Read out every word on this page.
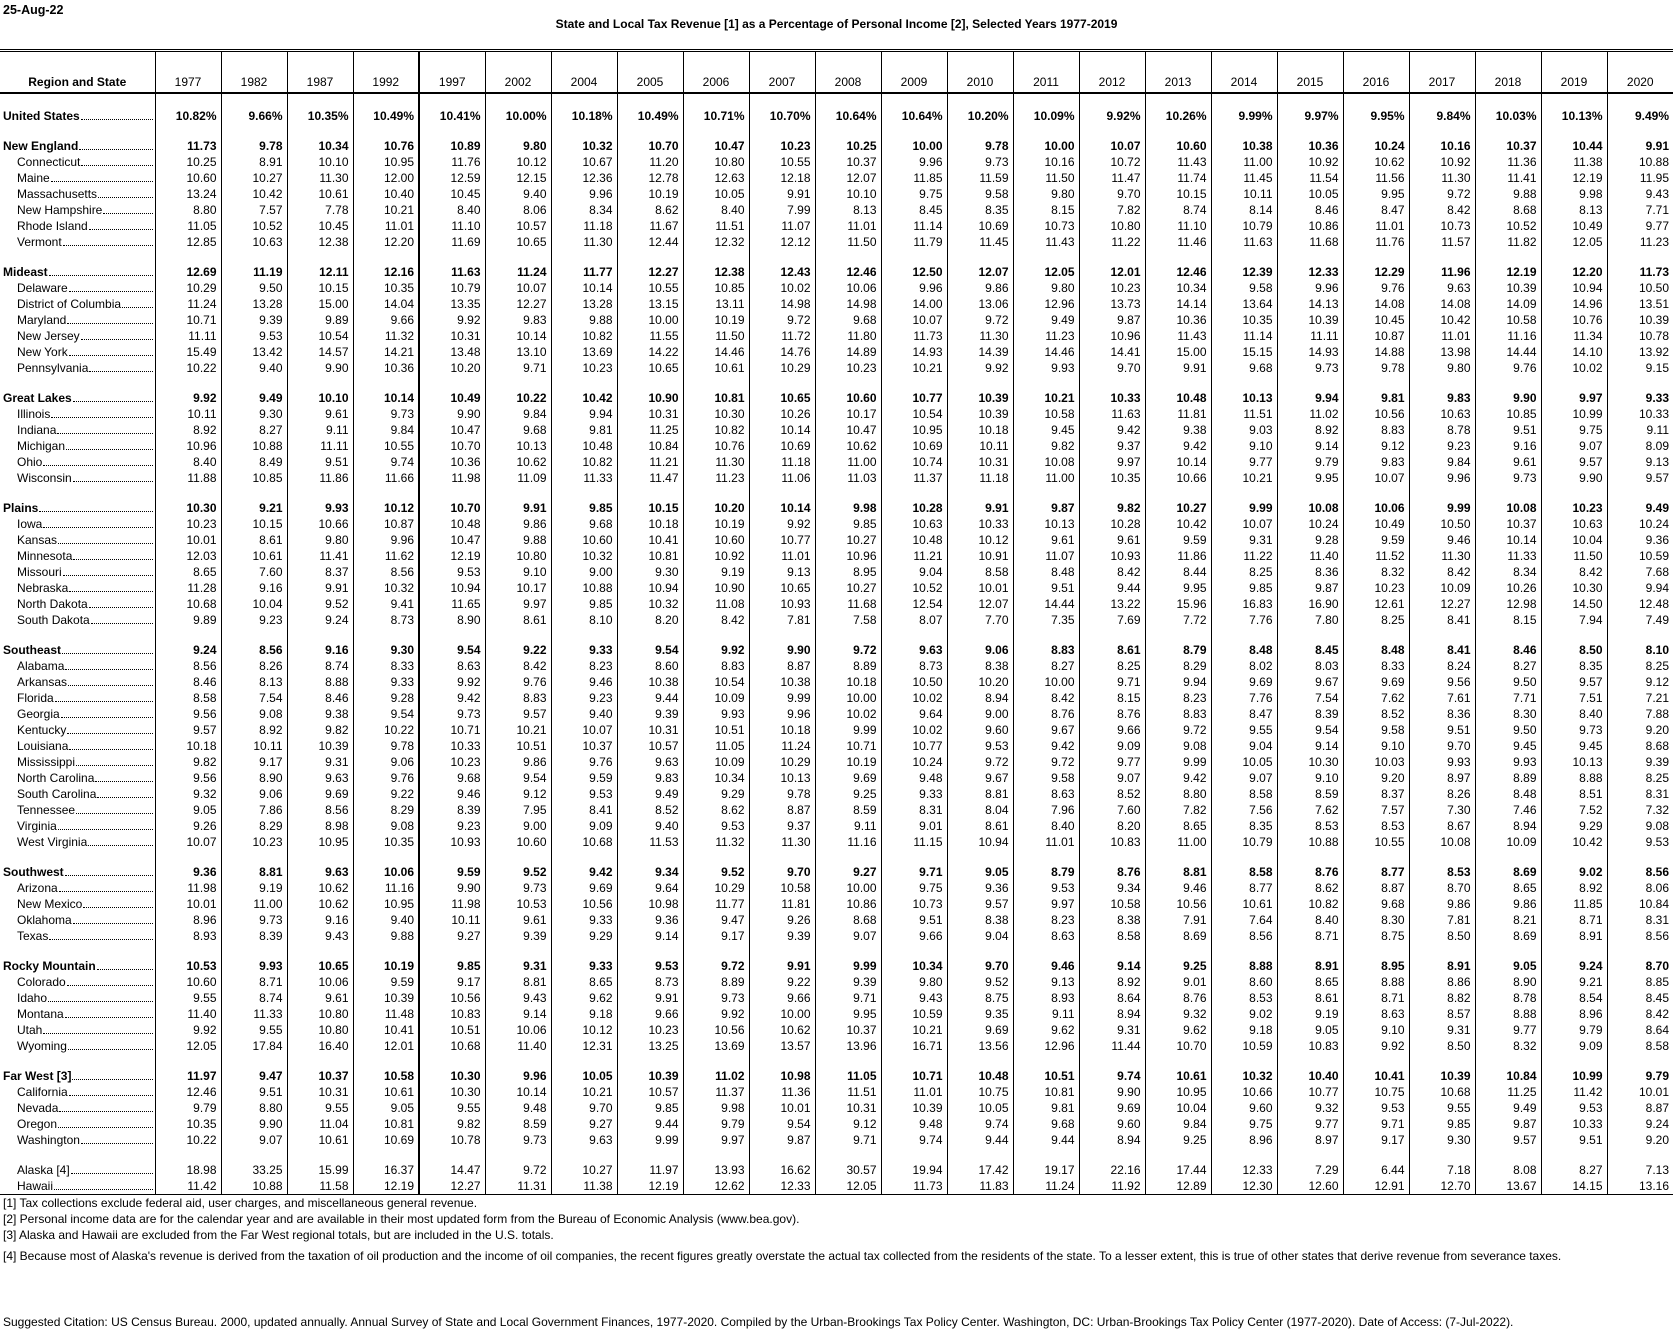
25-Aug-22
State and Local Tax Revenue [1] as a Percentage of Personal Income [2], Selected Years 1977-2019
Region and State	1977	1982	1987	1992	1997	2002	2004	2005	2006	2007	2008	2009	2010	2011	2012	2013	2014	2015	2016	2017	2018	2019	2020

United States	10.82%	9.66%	10.35%	10.49%	10.41%	10.00%	10.18%	10.49%	10.71%	10.70%	10.64%	10.64%	10.20%	10.09%	9.92%	10.26%	9.99%	9.97%	9.95%	9.84%	10.03%	10.13%	9.49%

New England	11.73	9.78	10.34	10.76	10.89	9.80	10.32	10.70	10.47	10.23	10.25	10.00	9.78	10.00	10.07	10.60	10.38	10.36	10.24	10.16	10.37	10.44	9.91

Connecticut	10.25	8.91	10.10	10.95	11.76	10.12	10.67	11.20	10.80	10.55	10.37	9.96	9.73	10.16	10.72	11.43	11.00	10.92	10.62	10.92	11.36	11.38	10.88

Maine	10.60	10.27	11.30	12.00	12.59	12.15	12.36	12.78	12.63	12.18	12.07	11.85	11.59	11.50	11.47	11.74	11.45	11.54	11.56	11.30	11.41	12.19	11.95

Massachusetts	13.24	10.42	10.61	10.40	10.45	9.40	9.96	10.19	10.05	9.91	10.10	9.75	9.58	9.80	9.70	10.15	10.11	10.05	9.95	9.72	9.88	9.98	9.43

New Hampshire	8.80	7.57	7.78	10.21	8.40	8.06	8.34	8.62	8.40	7.99	8.13	8.45	8.35	8.15	7.82	8.74	8.14	8.46	8.47	8.42	8.68	8.13	7.71

Rhode Island	11.05	10.52	10.45	11.01	11.10	10.57	11.18	11.67	11.51	11.07	11.01	11.14	10.69	10.73	10.80	11.10	10.79	10.86	11.01	10.73	10.52	10.49	9.77

Vermont	12.85	10.63	12.38	12.20	11.69	10.65	11.30	12.44	12.32	12.12	11.50	11.79	11.45	11.43	11.22	11.46	11.63	11.68	11.76	11.57	11.82	12.05	11.23

Mideast	12.69	11.19	12.11	12.16	11.63	11.24	11.77	12.27	12.38	12.43	12.46	12.50	12.07	12.05	12.01	12.46	12.39	12.33	12.29	11.96	12.19	12.20	11.73

Delaware	10.29	9.50	10.15	10.35	10.79	10.07	10.14	10.55	10.85	10.02	10.06	9.96	9.86	9.80	10.23	10.34	9.58	9.96	9.76	9.63	10.39	10.94	10.50

District of Columbia	11.24	13.28	15.00	14.04	13.35	12.27	13.28	13.15	13.11	14.98	14.98	14.00	13.06	12.96	13.73	14.14	13.64	14.13	14.08	14.08	14.09	14.96	13.51

Maryland	10.71	9.39	9.89	9.66	9.92	9.83	9.88	10.00	10.19	9.72	9.68	10.07	9.72	9.49	9.87	10.36	10.35	10.39	10.45	10.42	10.58	10.76	10.39

New Jersey	11.11	9.53	10.54	11.32	10.31	10.14	10.82	11.55	11.50	11.72	11.80	11.73	11.30	11.23	10.96	11.43	11.14	11.11	10.87	11.01	11.16	11.34	10.78

New York	15.49	13.42	14.57	14.21	13.48	13.10	13.69	14.22	14.46	14.76	14.89	14.93	14.39	14.46	14.41	15.00	15.15	14.93	14.88	13.98	14.44	14.10	13.92

Pennsylvania	10.22	9.40	9.90	10.36	10.20	9.71	10.23	10.65	10.61	10.29	10.23	10.21	9.92	9.93	9.70	9.91	9.68	9.73	9.78	9.80	9.76	10.02	9.15

Great Lakes	9.92	9.49	10.10	10.14	10.49	10.22	10.42	10.90	10.81	10.65	10.60	10.77	10.39	10.21	10.33	10.48	10.13	9.94	9.81	9.83	9.90	9.97	9.33

Illinois	10.11	9.30	9.61	9.73	9.90	9.84	9.94	10.31	10.30	10.26	10.17	10.54	10.39	10.58	11.63	11.81	11.51	11.02	10.56	10.63	10.85	10.99	10.33

Indiana	8.92	8.27	9.11	9.84	10.47	9.68	9.81	11.25	10.82	10.14	10.47	10.95	10.18	9.45	9.42	9.38	9.03	8.92	8.83	8.78	9.51	9.75	9.11

Michigan	10.96	10.88	11.11	10.55	10.70	10.13	10.48	10.84	10.76	10.69	10.62	10.69	10.11	9.82	9.37	9.42	9.10	9.14	9.12	9.23	9.16	9.07	8.09

Ohio	8.40	8.49	9.51	9.74	10.36	10.62	10.82	11.21	11.30	11.18	11.00	10.74	10.31	10.08	9.97	10.14	9.77	9.79	9.83	9.84	9.61	9.57	9.13

Wisconsin	11.88	10.85	11.86	11.66	11.98	11.09	11.33	11.47	11.23	11.06	11.03	11.37	11.18	11.00	10.35	10.66	10.21	9.95	10.07	9.96	9.73	9.90	9.57

Plains	10.30	9.21	9.93	10.12	10.70	9.91	9.85	10.15	10.20	10.14	9.98	10.28	9.91	9.87	9.82	10.27	9.99	10.08	10.06	9.99	10.08	10.23	9.49

Iowa	10.23	10.15	10.66	10.87	10.48	9.86	9.68	10.18	10.19	9.92	9.85	10.63	10.33	10.13	10.28	10.42	10.07	10.24	10.49	10.50	10.37	10.63	10.24

Kansas	10.01	8.61	9.80	9.96	10.47	9.88	10.60	10.41	10.60	10.77	10.27	10.48	10.12	9.61	9.61	9.59	9.31	9.28	9.59	9.46	10.14	10.04	9.36

Minnesota	12.03	10.61	11.41	11.62	12.19	10.80	10.32	10.81	10.92	11.01	10.96	11.21	10.91	11.07	10.93	11.86	11.22	11.40	11.52	11.30	11.33	11.50	10.59

Missouri	8.65	7.60	8.37	8.56	9.53	9.10	9.00	9.30	9.19	9.13	8.95	9.04	8.58	8.48	8.42	8.44	8.25	8.36	8.32	8.42	8.34	8.42	7.68

Nebraska	11.28	9.16	9.91	10.32	10.94	10.17	10.88	10.94	10.90	10.65	10.27	10.52	10.01	9.51	9.44	9.95	9.85	9.87	10.23	10.09	10.26	10.30	9.94

North Dakota	10.68	10.04	9.52	9.41	11.65	9.97	9.85	10.32	11.08	10.93	11.68	12.54	12.07	14.44	13.22	15.96	16.83	16.90	12.61	12.27	12.98	14.50	12.48

South Dakota	9.89	9.23	9.24	8.73	8.90	8.61	8.10	8.20	8.42	7.81	7.58	8.07	7.70	7.35	7.69	7.72	7.76	7.80	8.25	8.41	8.15	7.94	7.49

Southeast	9.24	8.56	9.16	9.30	9.54	9.22	9.33	9.54	9.92	9.90	9.72	9.63	9.06	8.83	8.61	8.79	8.48	8.45	8.48	8.41	8.46	8.50	8.10

Alabama	8.56	8.26	8.74	8.33	8.63	8.42	8.23	8.60	8.83	8.87	8.89	8.73	8.38	8.27	8.25	8.29	8.02	8.03	8.33	8.24	8.27	8.35	8.25

Arkansas	8.46	8.13	8.88	9.33	9.92	9.76	9.46	10.38	10.54	10.38	10.18	10.50	10.20	10.00	9.71	9.94	9.69	9.67	9.69	9.56	9.50	9.57	9.12

Florida	8.58	7.54	8.46	9.28	9.42	8.83	9.23	9.44	10.09	9.99	10.00	10.02	8.94	8.42	8.15	8.23	7.76	7.54	7.62	7.61	7.71	7.51	7.21

Georgia	9.56	9.08	9.38	9.54	9.73	9.57	9.40	9.39	9.93	9.96	10.02	9.64	9.00	8.76	8.76	8.83	8.47	8.39	8.52	8.36	8.30	8.40	7.88

Kentucky	9.57	8.92	9.82	10.22	10.71	10.21	10.07	10.31	10.51	10.18	9.99	10.02	9.60	9.67	9.66	9.72	9.55	9.54	9.58	9.51	9.50	9.73	9.20

Louisiana	10.18	10.11	10.39	9.78	10.33	10.51	10.37	10.57	11.05	11.24	10.71	10.77	9.53	9.42	9.09	9.08	9.04	9.14	9.10	9.70	9.45	9.45	8.68

Mississippi	9.82	9.17	9.31	9.06	10.23	9.86	9.76	9.63	10.09	10.29	10.19	10.24	9.72	9.72	9.77	9.99	10.05	10.30	10.03	9.93	9.93	10.13	9.39

North Carolina	9.56	8.90	9.63	9.76	9.68	9.54	9.59	9.83	10.34	10.13	9.69	9.48	9.67	9.58	9.07	9.42	9.07	9.10	9.20	8.97	8.89	8.88	8.25

South Carolina	9.32	9.06	9.69	9.22	9.46	9.12	9.53	9.49	9.29	9.78	9.25	9.33	8.81	8.63	8.52	8.80	8.58	8.59	8.37	8.26	8.48	8.51	8.31

Tennessee	9.05	7.86	8.56	8.29	8.39	7.95	8.41	8.52	8.62	8.87	8.59	8.31	8.04	7.96	7.60	7.82	7.56	7.62	7.57	7.30	7.46	7.52	7.32

Virginia	9.26	8.29	8.98	9.08	9.23	9.00	9.09	9.40	9.53	9.37	9.11	9.01	8.61	8.40	8.20	8.65	8.35	8.53	8.53	8.67	8.94	9.29	9.08

West Virginia	10.07	10.23	10.95	10.35	10.93	10.60	10.68	11.53	11.32	11.30	11.16	11.15	10.94	11.01	10.83	11.00	10.79	10.88	10.55	10.08	10.09	10.42	9.53

Southwest	9.36	8.81	9.63	10.06	9.59	9.52	9.42	9.34	9.52	9.70	9.27	9.71	9.05	8.79	8.76	8.81	8.58	8.76	8.77	8.53	8.69	9.02	8.56

Arizona	11.98	9.19	10.62	11.16	9.90	9.73	9.69	9.64	10.29	10.58	10.00	9.75	9.36	9.53	9.34	9.46	8.77	8.62	8.87	8.70	8.65	8.92	8.06

New Mexico	10.01	11.00	10.62	10.95	11.98	10.53	10.56	10.98	11.77	11.81	10.86	10.73	9.57	9.97	10.58	10.56	10.61	10.82	9.68	9.86	9.86	11.85	10.84

Oklahoma	8.96	9.73	9.16	9.40	10.11	9.61	9.33	9.36	9.47	9.26	8.68	9.51	8.38	8.23	8.38	7.91	7.64	8.40	8.30	7.81	8.21	8.71	8.31

Texas	8.93	8.39	9.43	9.88	9.27	9.39	9.29	9.14	9.17	9.39	9.07	9.66	9.04	8.63	8.58	8.69	8.56	8.71	8.75	8.50	8.69	8.91	8.56

Rocky Mountain	10.53	9.93	10.65	10.19	9.85	9.31	9.33	9.53	9.72	9.91	9.99	10.34	9.70	9.46	9.14	9.25	8.88	8.91	8.95	8.91	9.05	9.24	8.70

Colorado	10.60	8.71	10.06	9.59	9.17	8.81	8.65	8.73	8.89	9.22	9.39	9.80	9.52	9.13	8.92	9.01	8.60	8.65	8.88	8.86	8.90	9.21	8.85

Idaho	9.55	8.74	9.61	10.39	10.56	9.43	9.62	9.91	9.73	9.66	9.71	9.43	8.75	8.93	8.64	8.76	8.53	8.61	8.71	8.82	8.78	8.54	8.45

Montana	11.40	11.33	10.80	11.48	10.83	9.14	9.18	9.66	9.92	10.00	9.95	10.59	9.35	9.11	8.94	9.32	9.02	9.19	8.63	8.57	8.88	8.96	8.42

Utah	9.92	9.55	10.80	10.41	10.51	10.06	10.12	10.23	10.56	10.62	10.37	10.21	9.69	9.62	9.31	9.62	9.18	9.05	9.10	9.31	9.77	9.79	8.64

Wyoming	12.05	17.84	16.40	12.01	10.68	11.40	12.31	13.25	13.69	13.57	13.96	16.71	13.56	12.96	11.44	10.70	10.59	10.83	9.92	8.50	8.32	9.09	8.58

Far West [3]	11.97	9.47	10.37	10.58	10.30	9.96	10.05	10.39	11.02	10.98	11.05	10.71	10.48	10.51	9.74	10.61	10.32	10.40	10.41	10.39	10.84	10.99	9.79

California	12.46	9.51	10.31	10.61	10.30	10.14	10.21	10.57	11.37	11.36	11.51	11.01	10.75	10.81	9.90	10.95	10.66	10.77	10.75	10.68	11.25	11.42	10.01

Nevada	9.79	8.80	9.55	9.05	9.55	9.48	9.70	9.85	9.98	10.01	10.31	10.39	10.05	9.81	9.69	10.04	9.60	9.32	9.53	9.55	9.49	9.53	8.87

Oregon	10.35	9.90	11.04	10.81	9.82	8.59	9.27	9.44	9.79	9.54	9.12	9.48	9.74	9.68	9.60	9.84	9.75	9.77	9.71	9.85	9.87	10.33	9.24

Washington	10.22	9.07	10.61	10.69	10.78	9.73	9.63	9.99	9.97	9.87	9.71	9.74	9.44	9.44	8.94	9.25	8.96	8.97	9.17	9.30	9.57	9.51	9.20

Alaska [4]	18.98	33.25	15.99	16.37	14.47	9.72	10.27	11.97	13.93	16.62	30.57	19.94	17.42	19.17	22.16	17.44	12.33	7.29	6.44	7.18	8.08	8.27	7.13

Hawaii	11.42	10.88	11.58	12.19	12.27	11.31	11.38	12.19	12.62	12.33	12.05	11.73	11.83	11.24	11.92	12.89	12.30	12.60	12.91	12.70	13.67	14.15	13.16
[1] Tax collections exclude federal aid, user charges, and miscellaneous general revenue.
[2] Personal income data are for the calendar year and are available in their most updated form from the Bureau of Economic Analysis (www.bea.gov).
[3] Alaska and Hawaii are excluded from the Far West regional totals, but are included in the U.S. totals.
[4] Because most of Alaska's revenue is derived from the taxation of oil production and the income of oil companies, the recent figures greatly overstate the actual tax collected from the residents of the state. To a lesser extent, this is true of other states that derive revenue from severance taxes.
Suggested Citation: US Census Bureau. 2000, updated annually. Annual Survey of State and Local Government Finances, 1977-2020. Compiled by the Urban-Brookings Tax Policy Center. Washington, DC: Urban-Brookings Tax Policy Center (1977-2020). Date of Access: (7-Jul-2022).
